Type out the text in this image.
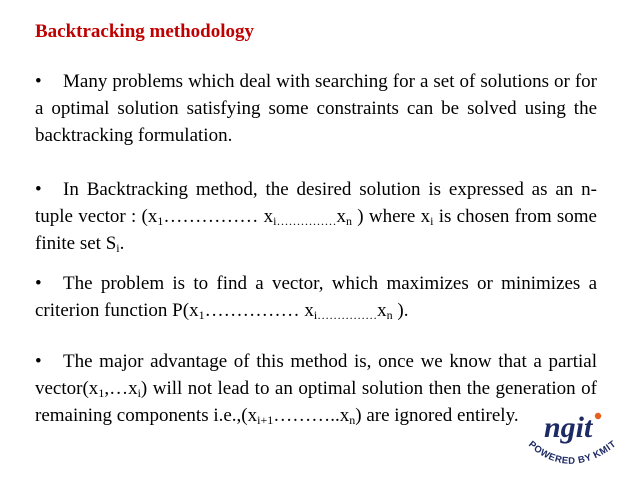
Backtracking methodology

• Many problems which deal with searching for a set of solutions or for a optimal solution satisfying some constraints can be solved using the backtracking formulation.

• In Backtracking method, the desired solution is expressed as an n-tuple vector : ($x_1\dots\dots\dots\dots\dots$ $x_i\dots\dots\dots\dots\dots x_n$ ) where $x_i$ is chosen from some finite set $S_i$.

• The problem is to find a vector, which maximizes or minimizes a criterion function $P(x_1\dots\dots\dots\dots\dots$ $x_i\dots\dots\dots\dots\dots x_n$ ).

• The major advantage of this method is, once we know that a partial $vector(x_1,\dots x_i)$ will not lead to an optimal solution then the generation of remaining components $i.e.,(x_{i+1}\dots\dots\dots..x_n)$ are ignored entirely. ngit
POWERED BY KMIT
